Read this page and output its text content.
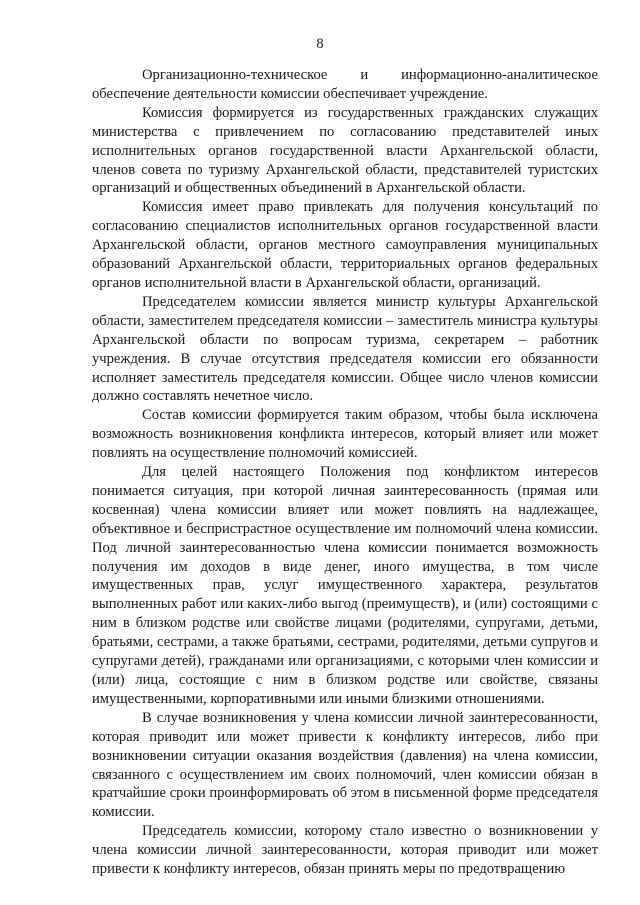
8

Организационно-техническое и информационно-аналитическое обеспечение деятельности комиссии обеспечивает учреждение.

Комиссия формируется из государственных гражданских служащих министерства с привлечением по согласованию представителей иных исполнительных органов государственной власти Архангельской области, членов совета по туризму Архангельской области, представителей туристских организаций и общественных объединений в Архангельской области.

Комиссия имеет право привлекать для получения консультаций по согласованию специалистов исполнительных органов государственной власти Архангельской области, органов местного самоуправления муниципальных образований Архангельской области, территориальных органов федеральных органов исполнительной власти в Архангельской области, организаций.

Председателем комиссии является министр культуры Архангельской области, заместителем председателя комиссии – заместитель министра культуры Архангельской области по вопросам туризма, секретарем – работник учреждения. В случае отсутствия председателя комиссии его обязанности исполняет заместитель председателя комиссии. Общее число членов комиссии должно составлять нечетное число.

Состав комиссии формируется таким образом, чтобы была исключена возможность возникновения конфликта интересов, который влияет или может повлиять на осуществление полномочий комиссией.

Для целей настоящего Положения под конфликтом интересов понимается ситуация, при которой личная заинтересованность (прямая или косвенная) члена комиссии влияет или может повлиять на надлежащее, объективное и беспристрастное осуществление им полномочий члена комиссии. Под личной заинтересованностью члена комиссии понимается возможность получения им доходов в виде денег, иного имущества, в том числе имущественных прав, услуг имущественного характера, результатов выполненных работ или каких-либо выгод (преимуществ), и (или) состоящими с ним в близком родстве или свойстве лицами (родителями, супругами, детьми, братьями, сестрами, а также братьями, сестрами, родителями, детьми супругов и супругами детей), гражданами или организациями, с которыми член комиссии и (или) лица, состоящие с ним в близком родстве или свойстве, связаны имущественными, корпоративными или иными близкими отношениями.

В случае возникновения у члена комиссии личной заинтересованности, которая приводит или может привести к конфликту интересов, либо при возникновении ситуации оказания воздействия (давления) на члена комиссии, связанного с осуществлением им своих полномочий, член комиссии обязан в кратчайшие сроки проинформировать об этом в письменной форме председателя комиссии.

Председатель комиссии, которому стало известно о возникновении у члена комиссии личной заинтересованности, которая приводит или может привести к конфликту интересов, обязан принять меры по предотвращению
